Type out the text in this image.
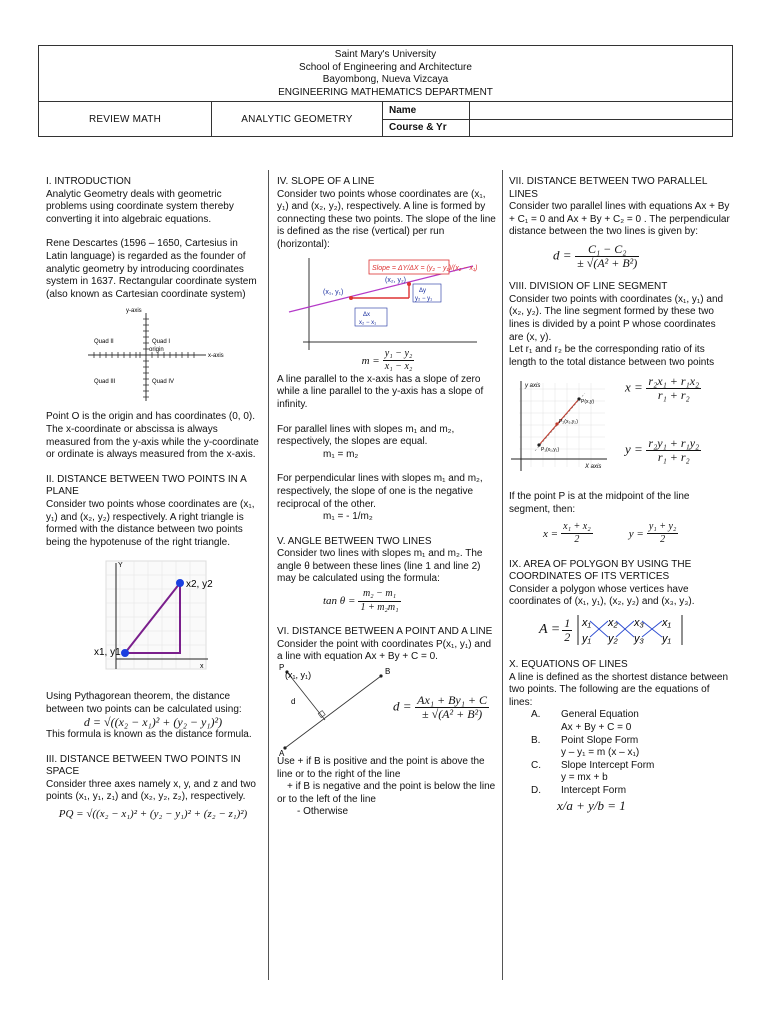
Saint Mary's University
School of Engineering and Architecture
Bayombong, Nueva Vizcaya
ENGINEERING MATHEMATICS DEPARTMENT			

REVIEW MATH	ANALYTIC GEOMETRY	Name	
		Course & Yr	

I. INTRODUCTION

Analytic Geometry deals with geometric problems using coordinate system thereby converting it into algebraic equations.

Rene Descartes (1596 – 1650, Cartesius in Latin language) is regarded as the founder of analytic geometry by introducing coordinates system in 1637. Rectangular coordinate system (also known as Cartesian coordinate system)

y-axis
x-axis
origin
Quad I
Quad II
Quad III	Quad IV

Point O is the origin and has coordinates (0, 0). The x-coordinate or abscissa is always measured from the y-axis while the y-coordinate or ordinate is always measured from the x-axis.

II. DISTANCE BETWEEN TWO POINTS IN A PLANE

Consider two points whose coordinates are (x₁, y₁) and (x₂, y₂) respectively. A right triangle is formed with the distance between two points being the hypotenuse of the right triangle.

x2, y2
x1, y1
x
Y

Using Pythagorean theorem, the distance between two points can be calculated using:

d = √((x₂ − x₁)² + (y₂ − y₁)²)

This formula is known as the distance formula.

III. DISTANCE BETWEEN TWO POINTS IN SPACE

Consider three axes namely x, y, and z and two points (x₁, y₁, z₁) and (x₂, y₂, z₂), respectively.

PQ = √((x₂ − x₁)² + (y₂ − y₁)² + (z₂ − z₁)²)

IV. SLOPE OF A LINE

Consider two points whose coordinates are (x₁, y₁) and (x₂, y₂), respectively. A line is formed by connecting these two points. The slope of the line is defined as the rise (vertical) per run (horizontal):

Slope = ΔY/ΔX = (y₂ − y₁)/(x₂ − x₁)
(x₁, y₁)
(x₂, y₂)
Δy
y₂ − y₁
Δx
x₂ − x₁
$m = \frac{\text{y₁ − y₂}}{\text{x₁ − x₂}}$

A line parallel to the x-axis has a slope of zero while a line parallel to the y-axis has a slope of infinity.

For parallel lines with slopes m₁ and m₂, respectively, the slopes are equal.

m₁ = m₂

For perpendicular lines with slopes m₁ and m₂, respectively, the slope of one is the negative reciprocal of the other.

m₁ = - 1/m₂

V. ANGLE BETWEEN TWO LINES

Consider two lines with slopes m₁ and m₂. The angle θ between these lines (line 1 and line 2) may be calculated using the formula:

$\tan \theta = \frac{\text{m₂ − m₁}}{\text{1 + m₂m₁}}$

VI. DISTANCE BETWEEN A POINT AND A LINE

Consider the point with coordinates P(x₁, y₁) and a line with equation Ax + By + C = 0.

P
(x₁, y₁)	B
A
d	$d = \frac{\text{Ax₁ + By₁ + C}}{\text{± √(A² + B²)}}$

Use + if B is positive and the point is above the line or to the right of the line

+ if B is negative and the point is below the line or to the left of the line

- Otherwise

VII. DISTANCE BETWEEN TWO PARALLEL LINES

Consider two parallel lines with equations Ax + By + C₁ = 0 and Ax + By + C₂ = 0 . The perpendicular distance between the two lines is given by:

$d = \frac{\text{C₁ − C₂}}{\text{± √(A² + B²)}}$

VIII. DIVISION OF LINE SEGMENT

Consider two points with coordinates (x₁, y₁) and (x₂, y₂). The line segment formed by these two lines is divided by a point P whose coordinates are (x, y).

Let r₁ and r₂ be the corresponding ratio of its length to the total distance between two points

y axis
X axis
P(x,y)
P₂(x₂,y₂)
P₁(x₁,y₁)
$x = \frac{\text{r₂x₁ + r₁x₂}}{\text{r₁ + r₂}}$
$y = \frac{\text{r₂y₁ + r₁y₂}}{\text{r₁ + r₂}}$

If the point P is at the midpoint of the line segment, then:

$x = \frac{\text{x₁ + x₂}}{2}$	$y = \frac{\text{y₁ + y₂}}{2}$

IX. AREA OF POLYGON BY USING THE COORDINATES OF ITS VERTICES

Consider a polygon whose vertices have coordinates of (x₁, y₁), (x₂, y₂) and (x₃, y₃).

$A = \frac{1}{2} x_1$ x₂ x₃ x₁
y₁ y₂ y₃ y₁

X. EQUATIONS OF LINES

A line is defined as the shortest distance between two points. The following are the equations of lines:

A.	General Equation
Ax + By + C = 0
B.	Point Slope Form
y – y₁ = m (x – x₁)
C.	Slope Intercept Form
y = mx + b
D.	Intercept Form
x/a + y/b = 1
